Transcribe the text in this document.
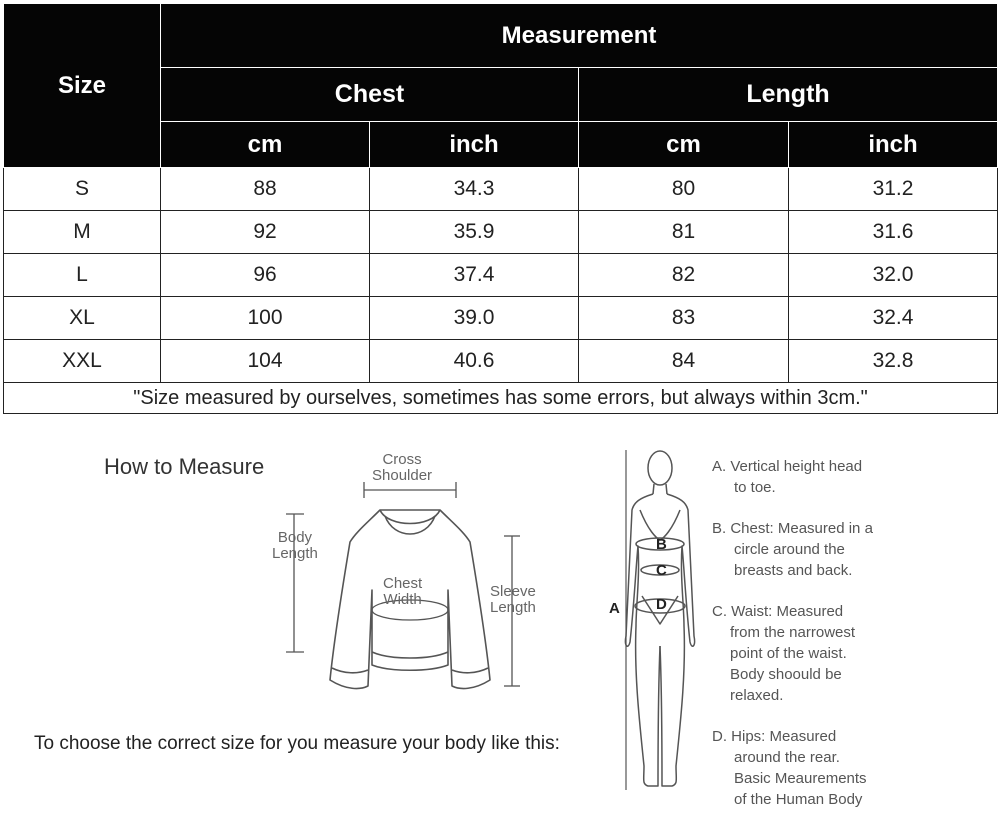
Size	Measurement			
	Chest		Length	
	cm	inch	cm	inch
S	88	34.3	80	31.2
M	92	35.9	81	31.6
L	96	37.4	82	32.0
XL	100	39.0	83	32.4
XXL	104	40.6	84	32.8
"Size measured by ourselves, sometimes has some errors, but always within 3cm."				
How to Measure	Cross
Shoulder
Body
Length
Chest
Width	Sleeve
Length
To choose the correct size for you measure your body like this:
A
B
C
D
A. Vertical height head
to toe.
B. Chest: Measured in a
circle around the
breasts and back.
C. Waist: Measured
from the narrowest
point of the waist.
Body shoould be
relaxed.
D. Hips: Measured
around the rear.
Basic Meaurements
of the Human Body
